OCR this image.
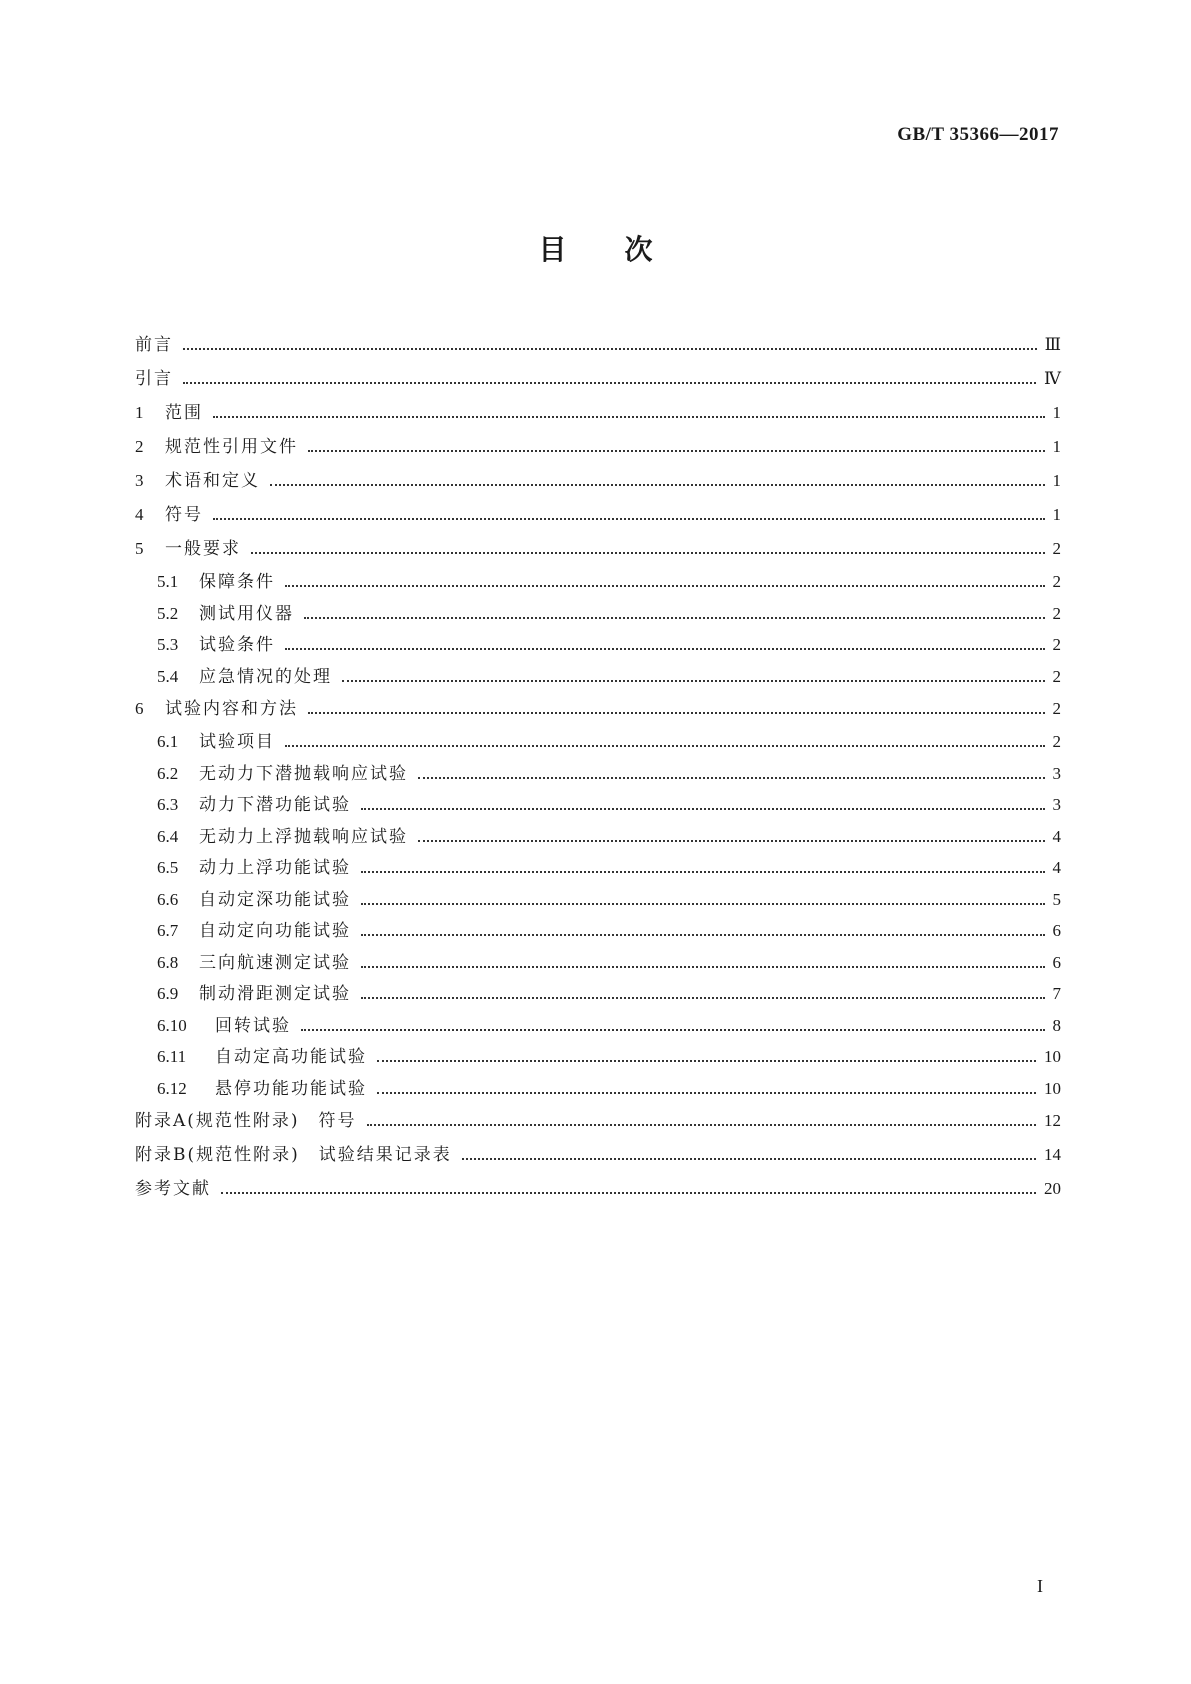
GB/T 35366—2017
目次
前言	Ⅲ
引言	Ⅳ
1	范围	1
2	规范性引用文件	1
3	术语和定义	1
4	符号	1
5	一般要求	2
5.1	保障条件	2
5.2	测试用仪器	2
5.3	试验条件	2
5.4	应急情况的处理	2
6	试验内容和方法	2
6.1	试验项目	2
6.2	无动力下潜抛载响应试验	3
6.3	动力下潜功能试验	3
6.4	无动力上浮抛载响应试验	4
6.5	动力上浮功能试验	4
6.6	自动定深功能试验	5
6.7	自动定向功能试验	6
6.8	三向航速测定试验	6
6.9	制动滑距测定试验	7
6.10	回转试验	8
6.11	自动定高功能试验	10
6.12	悬停功能功能试验	10
附录A(规范性附录)　符号	12
附录B(规范性附录)　试验结果记录表	14
参考文献	20
I
